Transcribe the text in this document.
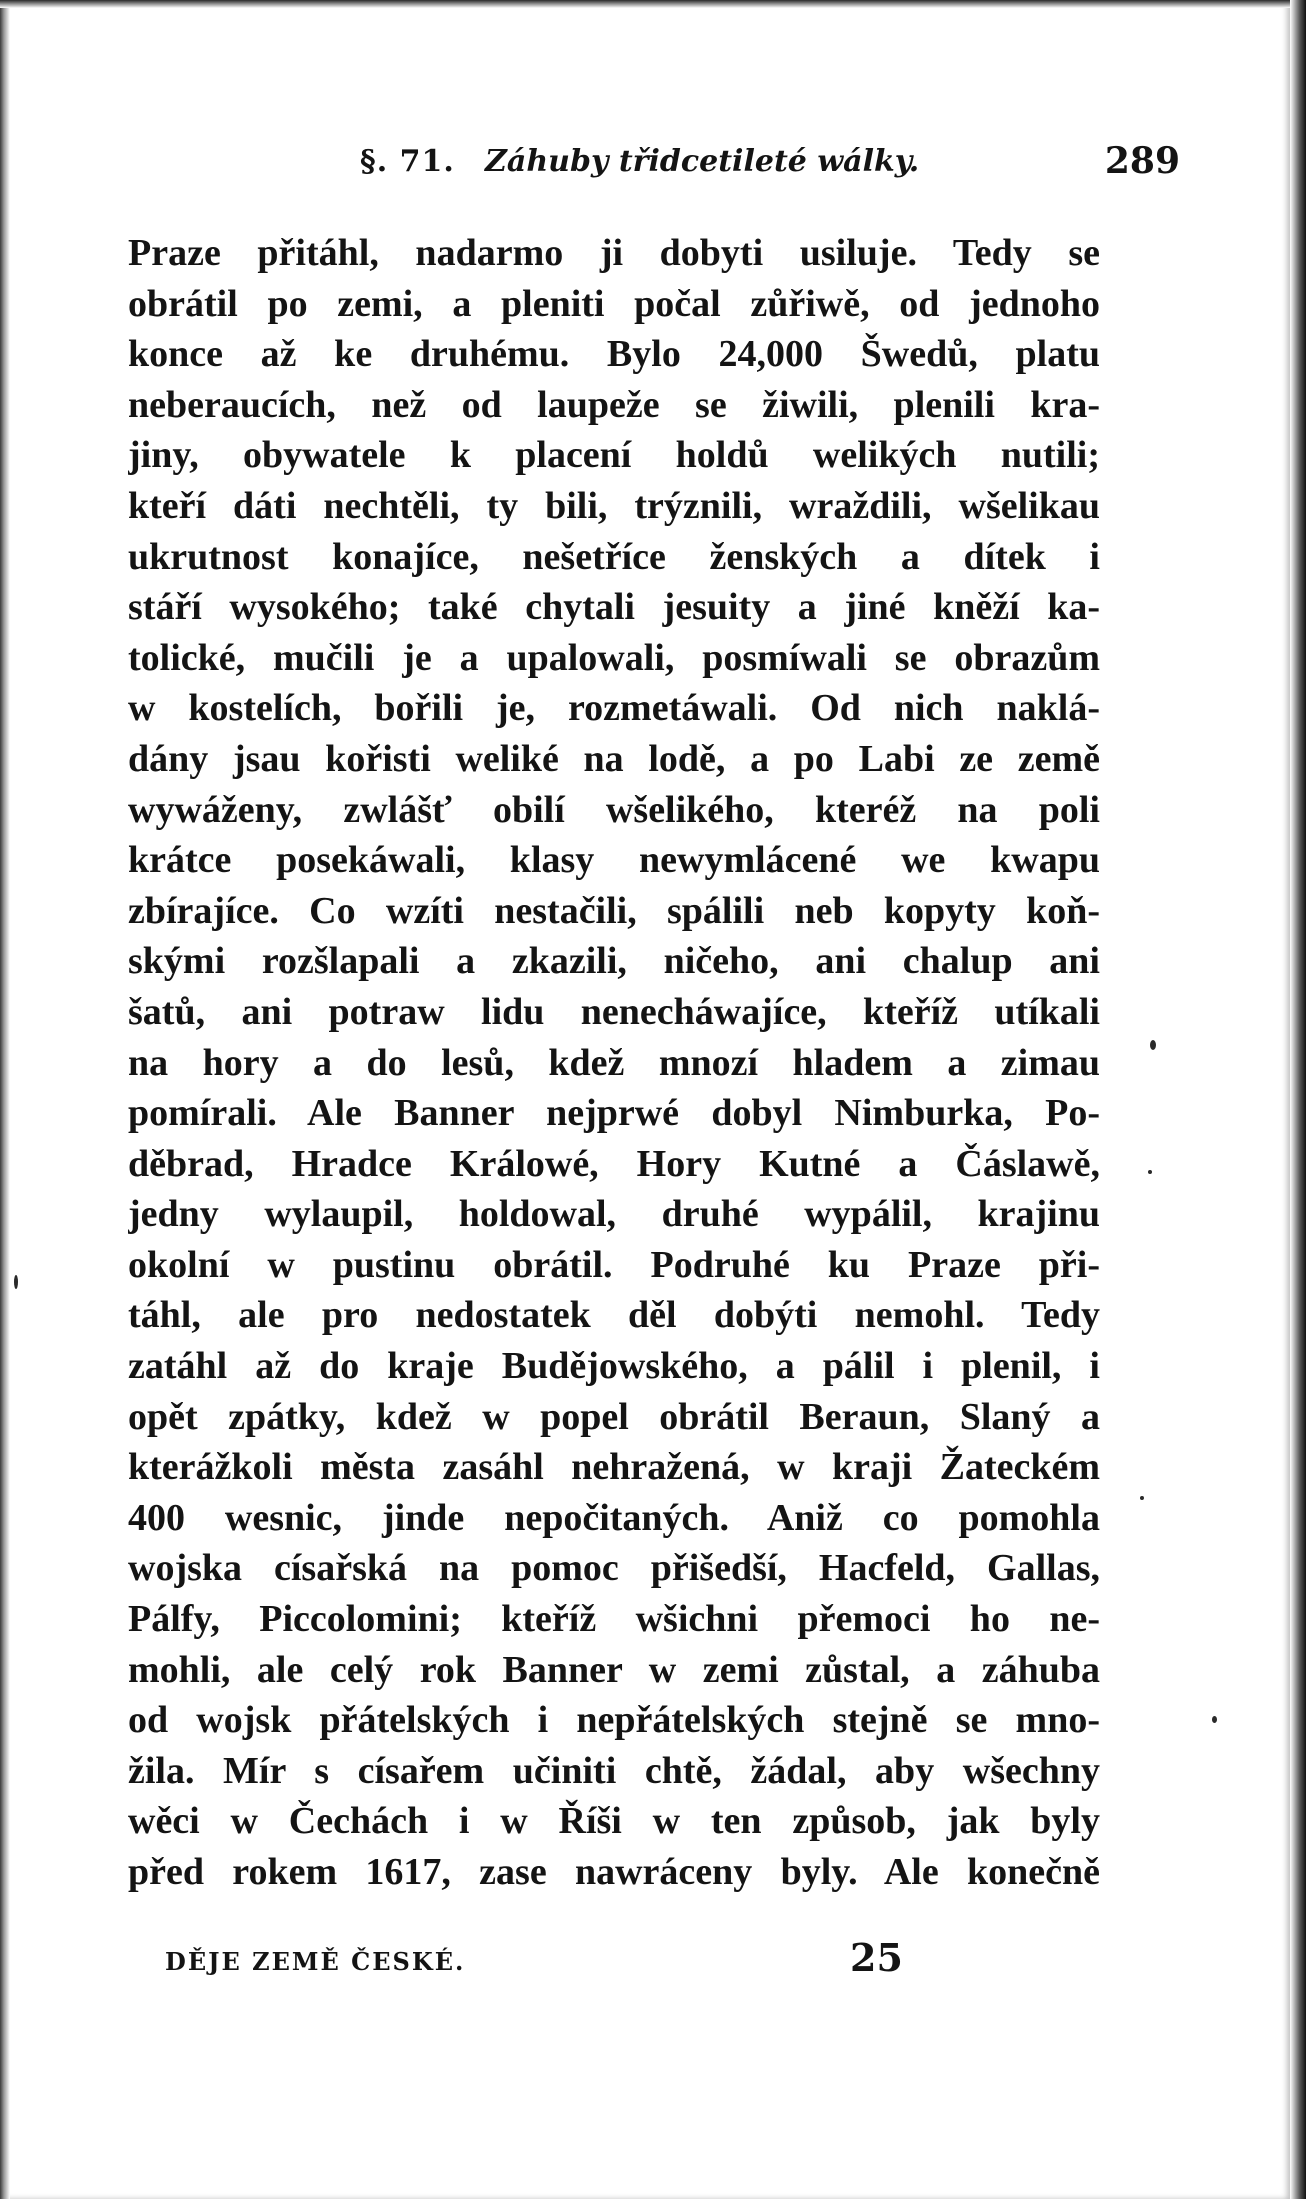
§. 71. Záhuby třidcetileté wálky.	289
Praze přitáhl, nadarmo ji dobyti usiluje. Tedy se
obrátil po zemi, a pleniti počal zůřiwě, od jednoho
konce až ke druhému. Bylo 24,000 Šwedů, platu
neberaucích, než od laupeže se žiwili, plenili kra-
jiny, obywatele k placení holdů welikých nutili;
kteří dáti nechtěli, ty bili, trýznili, wraždili, wšelikau
ukrutnost konajíce, nešetříce ženských a dítek i
stáří wysokého; také chytali jesuity a jiné kněží ka-
tolické, mučili je a upalowali, posmíwali se obrazům
w kostelích, bořili je, rozmetáwali. Od nich naklá-
dány jsau kořisti weliké na lodě, a po Labi ze země
wywáženy, zwlášť obilí wšelikého, kteréž na poli
krátce posekáwali, klasy newymlácené we kwapu
zbírajíce. Co wzíti nestačili, spálili neb kopyty koň-
skými rozšlapali a zkazili, ničeho, ani chalup ani
šatů, ani potraw lidu nenecháwajíce, kteříž utíkali
na hory a do lesů, kdež mnozí hladem a zimau
pomírali. Ale Banner nejprwé dobyl Nimburka, Po-
děbrad, Hradce Králowé, Hory Kutné a Čáslawě,
jedny wylaupil, holdowal, druhé wypálil, krajinu
okolní w pustinu obrátil. Podruhé ku Praze při-
táhl, ale pro nedostatek děl dobýti nemohl. Tedy
zatáhl až do kraje Budějowského, a pálil i plenil, i
opět zpátky, kdež w popel obrátil Beraun, Slaný a
kterážkoli města zasáhl nehražená, w kraji Žateckém
400 wesnic, jinde nepočitaných. Aniž co pomohla
wojska císařská na pomoc přišedší, Hacfeld, Gallas,
Pálfy, Piccolomini; kteříž wšichni přemoci ho ne-
mohli, ale celý rok Banner w zemi zůstal, a záhuba
od wojsk přátelských i nepřátelských stejně se mno-
žila. Mír s císařem učiniti chtě, žádal, aby wšechny
wěci w Čechách i w Říši w ten způsob, jak byly
před rokem 1617, zase nawráceny byly. Ale konečně
DĚJE ZEMĚ ČESKÉ.	25
